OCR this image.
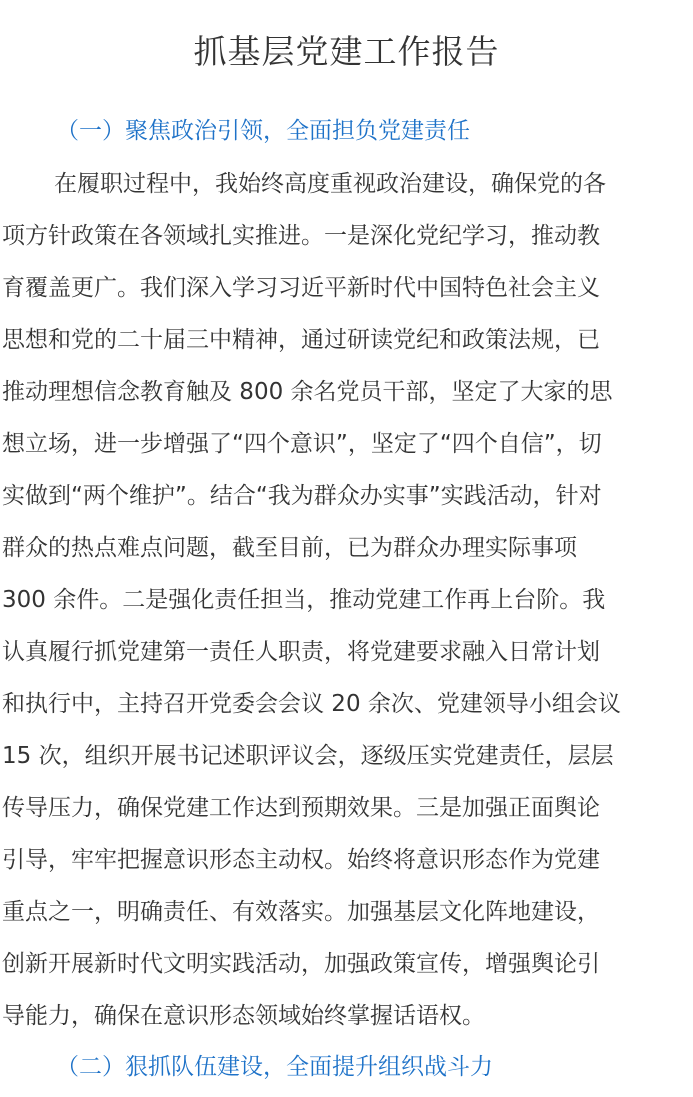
抓基层党建工作报告
（一）聚焦政治引领，全面担负党建责任
在履职过程中，我始终高度重视政治建设，确保党的各
项方针政策在各领域扎实推进。一是深化党纪学习，推动教
育覆盖更广。我们深入学习习近平新时代中国特色社会主义
思想和党的二十届三中精神，通过研读党纪和政策法规，已
推动理想信念教育触及 800 余名党员干部，坚定了大家的思
想立场，进一步增强了“四个意识”，坚定了“四个自信”，切
实做到“两个维护”。结合“我为群众办实事”实践活动，针对
群众的热点难点问题，截至目前，已为群众办理实际事项
300 余件。二是强化责任担当，推动党建工作再上台阶。我
认真履行抓党建第一责任人职责，将党建要求融入日常计划
和执行中，主持召开党委会会议 20 余次、党建领导小组会议
15 次，组织开展书记述职评议会，逐级压实党建责任，层层
传导压力，确保党建工作达到预期效果。三是加强正面舆论
引导，牢牢把握意识形态主动权。始终将意识形态作为党建
重点之一，明确责任、有效落实。加强基层文化阵地建设，
创新开展新时代文明实践活动，加强政策宣传，增强舆论引
导能力，确保在意识形态领域始终掌握话语权。
（二）狠抓队伍建设，全面提升组织战斗力
